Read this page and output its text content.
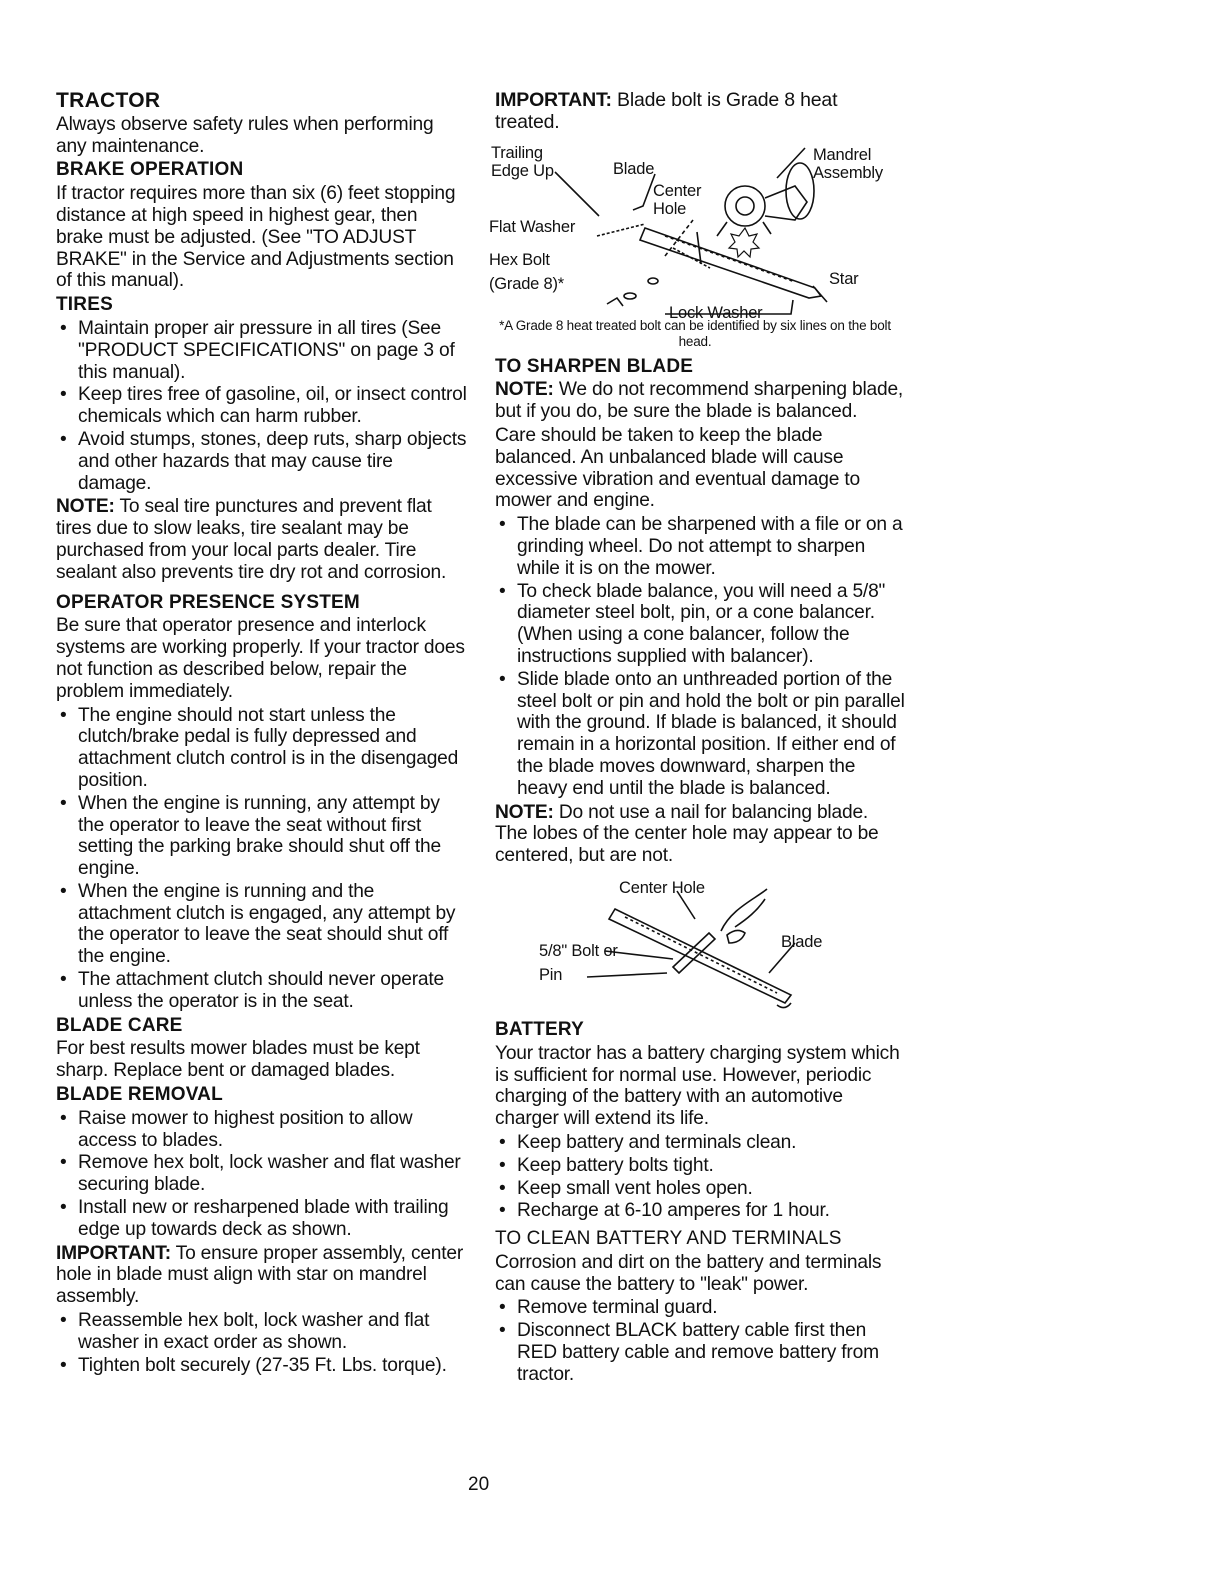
TRACTOR

Always observe safety rules when performing any maintenance.

BRAKE OPERATION

If tractor requires more than six (6) feet stopping distance at high speed in highest gear, then brake must be adjusted. (See "TO ADJUST BRAKE" in the Service and Adjustments section of this manual).

TIRES
• Maintain proper air pressure in all tires (See "PRODUCT SPECIFICATIONS" on page 3 of this manual).
• Keep tires free of gasoline, oil, or insect control chemicals which can harm rubber.
• Avoid stumps, stones, deep ruts, sharp objects and other hazards that may cause tire damage.

NOTE: To seal tire punctures and prevent flat tires due to slow leaks, tire sealant may be purchased from your local parts dealer. Tire sealant also prevents tire dry rot and corrosion.

OPERATOR PRESENCE SYSTEM

Be sure that operator presence and interlock systems are working properly. If your tractor does not function as described below, repair the problem immediately.

• The engine should not start unless the clutch/brake pedal is fully depressed and attachment clutch control is in the disengaged position.
• When the engine is running, any attempt by the operator to leave the seat without first setting the parking brake should shut off the engine.
• When the engine is running and the attachment clutch is engaged, any attempt by the operator to leave the seat should shut off the engine.
• The attachment clutch should never operate unless the operator is in the seat.
BLADE CARE

For best results mower blades must be kept sharp. Replace bent or damaged blades.

BLADE REMOVAL
• Raise mower to highest position to allow access to blades.
• Remove hex bolt, lock washer and flat washer securing blade.
• Install new or resharpened blade with trailing edge up towards deck as shown.

IMPORTANT: To ensure proper assembly, center hole in blade must align with star on mandrel assembly.

• Reassemble hex bolt, lock washer and flat washer in exact order as shown.
• Tighten bolt securely (27-35 Ft. Lbs. torque).

IMPORTANT: Blade bolt is Grade 8 heat treated.

Trailing Edge Up	Blade
Center Hole
Mandrel Assembly
Flat Washer
Hex Bolt (Grade 8)*	Star
Lock Washer
*A Grade 8 heat treated bolt can be identified by six lines on the bolt head.
TO SHARPEN BLADE

NOTE: We do not recommend sharpening blade, but if you do, be sure the blade is balanced.

Care should be taken to keep the blade balanced. An unbalanced blade will cause excessive vibration and eventual damage to mower and engine.

• The blade can be sharpened with a file or on a grinding wheel. Do not attempt to sharpen while it is on the mower.
• To check blade balance, you will need a 5/8" diameter steel bolt, pin, or a cone balancer. (When using a cone balancer, follow the instructions supplied with balancer).
• Slide blade onto an unthreaded portion of the steel bolt or pin and hold the bolt or pin parallel with the ground. If blade is balanced, it should remain in a horizontal position. If either end of the blade moves downward, sharpen the heavy end until the blade is balanced.

NOTE: Do not use a nail for balancing blade. The lobes of the center hole may appear to be centered, but are not.

Center Hole
5/8" Bolt or Pin
Blade
BATTERY

Your tractor has a battery charging system which is sufficient for normal use. However, periodic charging of the battery with an automotive charger will extend its life.

• Keep battery and terminals clean.
• Keep battery bolts tight.
• Keep small vent holes open.
• Recharge at 6-10 amperes for 1 hour.
TO CLEAN BATTERY AND TERMINALS

Corrosion and dirt on the battery and terminals can cause the battery to "leak" power.

• Remove terminal guard.
• Disconnect BLACK battery cable first then RED battery cable and remove battery from tractor.
20
